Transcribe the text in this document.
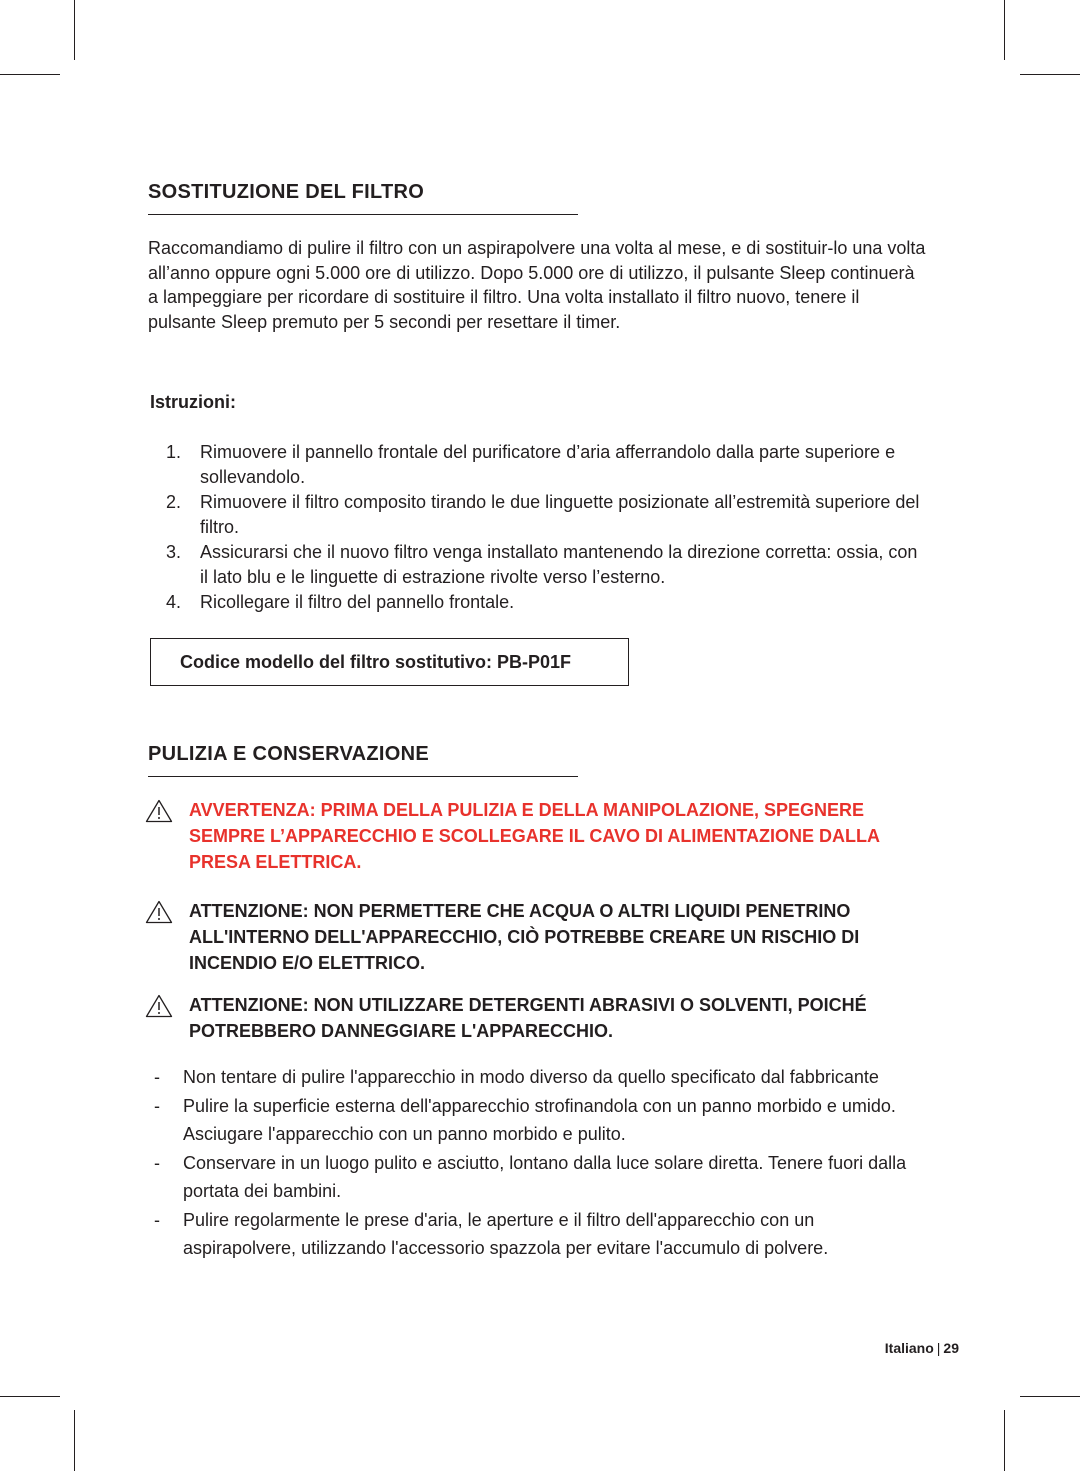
SOSTITUZIONE DEL FILTRO

Raccomandiamo di pulire il filtro con un aspirapolvere una volta al mese, e di sostituir-lo una volta all’anno oppure ogni 5.000 ore di utilizzo. Dopo 5.000 ore di utilizzo, il pulsante Sleep continuerà a lampeggiare per ricordare di sostituire il filtro. Una volta installato il filtro nuovo, tenere il pulsante Sleep premuto per 5 secondi per resettare il timer.

Istruzioni:

1. Rimuovere il pannello frontale del purificatore d’aria afferrandolo dalla parte superiore e sollevandolo.
2. Rimuovere il filtro composito tirando le due linguette posizionate all’estremità superiore del filtro.
3. Assicurarsi che il nuovo filtro venga installato mantenendo la direzione corretta: ossia, con il lato blu e le linguette di estrazione rivolte verso l’esterno.
4. Ricollegare il filtro del pannello frontale.
Codice modello del filtro sostitutivo: PB-P01F
PULIZIA E CONSERVAZIONE

AVVERTENZA: PRIMA DELLA PULIZIA E DELLA MANIPOLAZIONE, SPEGNERE SEMPRE L’APPARECCHIO E SCOLLEGARE IL CAVO DI ALIMENTAZIONE DALLA PRESA ELETTRICA.

ATTENZIONE: NON PERMETTERE CHE ACQUA O ALTRI LIQUIDI PENETRINO ALL'INTERNO DELL'APPARECCHIO, CIÒ POTREBBE CREARE UN RISCHIO DI INCENDIO E/O ELETTRICO.

ATTENZIONE: NON UTILIZZARE DETERGENTI ABRASIVI O SOLVENTI, POICHÉ POTREBBERO DANNEGGIARE L'APPARECCHIO.

- Non tentare di pulire l'apparecchio in modo diverso da quello specificato dal fabbricante
- Pulire la superficie esterna dell'apparecchio strofinandola con un panno morbido e umido. Asciugare l'apparecchio con un panno morbido e pulito.
- Conservare in un luogo pulito e asciutto, lontano dalla luce solare diretta. Tenere fuori dalla portata dei bambini.
- Pulire regolarmente le prese d'aria, le aperture e il filtro dell'apparecchio con un aspirapolvere, utilizzando l'accessorio spazzola per evitare l'accumulo di polvere.
Italiano | 29
